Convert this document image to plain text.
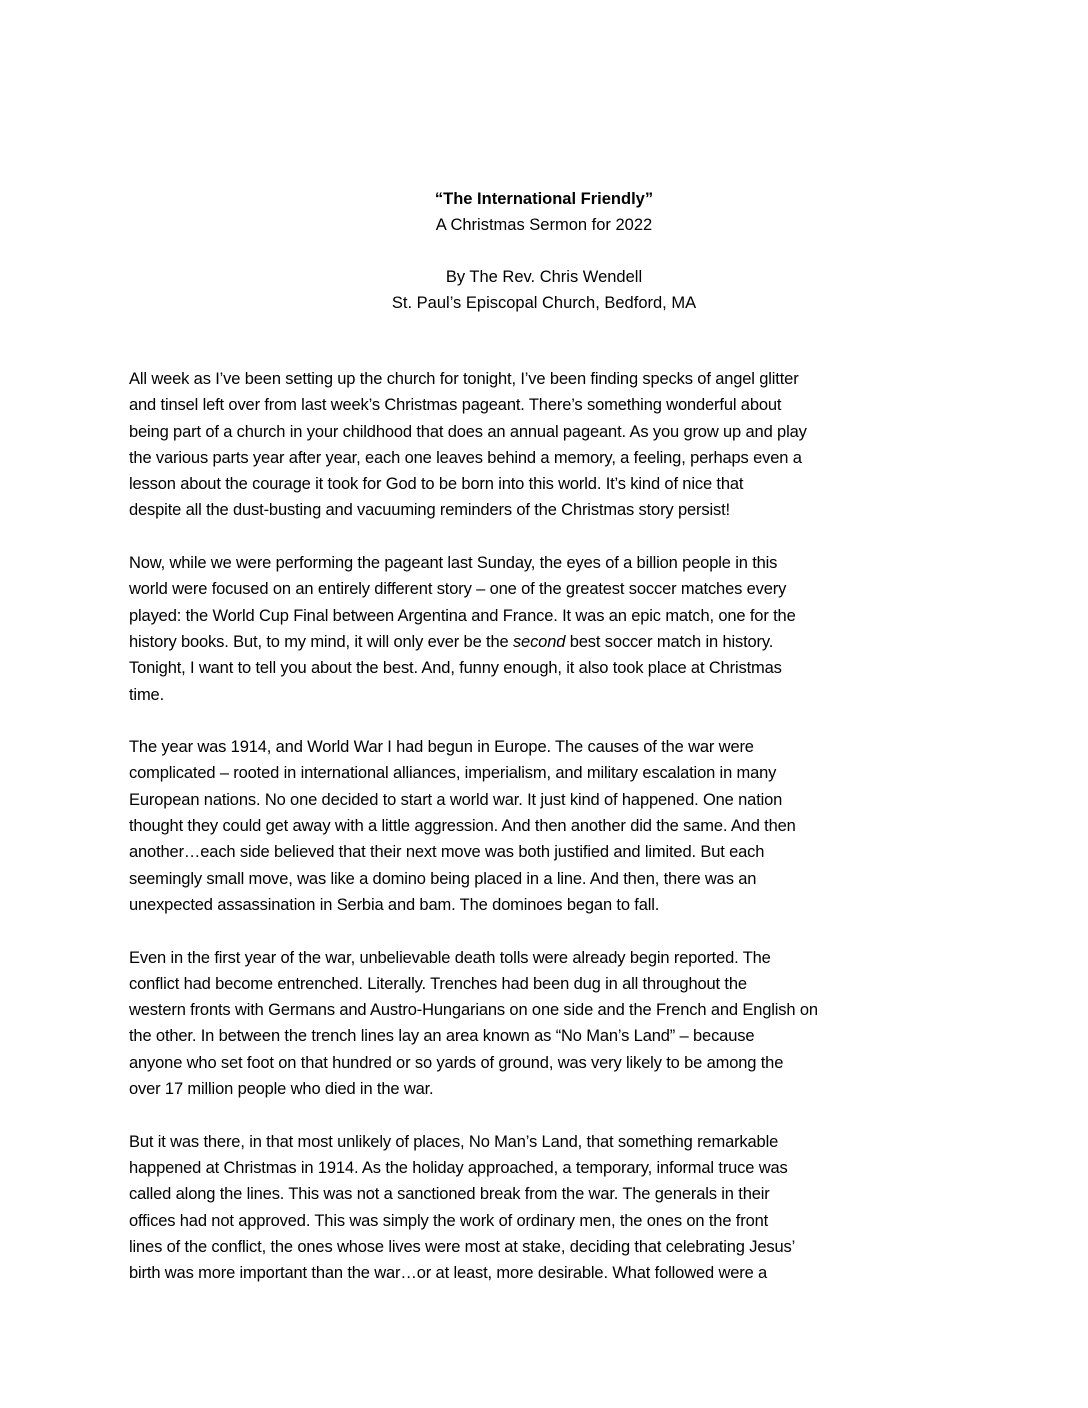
“The International Friendly”
A Christmas Sermon for 2022
By The Rev. Chris Wendell
St. Paul’s Episcopal Church, Bedford, MA

All week as I’ve been setting up the church for tonight, I’ve been finding specks of angel glitter
and tinsel left over from last week’s Christmas pageant. There’s something wonderful about
being part of a church in your childhood that does an annual pageant. As you grow up and play
the various parts year after year, each one leaves behind a memory, a feeling, perhaps even a
lesson about the courage it took for God to be born into this world. It’s kind of nice that
despite all the dust-busting and vacuuming reminders of the Christmas story persist!

Now, while we were performing the pageant last Sunday, the eyes of a billion people in this
world were focused on an entirely different story – one of the greatest soccer matches every
played: the World Cup Final between Argentina and France. It was an epic match, one for the
history books. But, to my mind, it will only ever be the second best soccer match in history.
Tonight, I want to tell you about the best. And, funny enough, it also took place at Christmas
time.

The year was 1914, and World War I had begun in Europe. The causes of the war were
complicated – rooted in international alliances, imperialism, and military escalation in many
European nations. No one decided to start a world war. It just kind of happened. One nation
thought they could get away with a little aggression. And then another did the same. And then
another…each side believed that their next move was both justified and limited. But each
seemingly small move, was like a domino being placed in a line. And then, there was an
unexpected assassination in Serbia and bam. The dominoes began to fall.

Even in the first year of the war, unbelievable death tolls were already begin reported. The
conflict had become entrenched. Literally. Trenches had been dug in all throughout the
western fronts with Germans and Austro-Hungarians on one side and the French and English on
the other. In between the trench lines lay an area known as “No Man’s Land” – because
anyone who set foot on that hundred or so yards of ground, was very likely to be among the
over 17 million people who died in the war.

But it was there, in that most unlikely of places, No Man’s Land, that something remarkable
happened at Christmas in 1914. As the holiday approached, a temporary, informal truce was
called along the lines. This was not a sanctioned break from the war. The generals in their
offices had not approved. This was simply the work of ordinary men, the ones on the front
lines of the conflict, the ones whose lives were most at stake, deciding that celebrating Jesus’
birth was more important than the war…or at least, more desirable. What followed were a
